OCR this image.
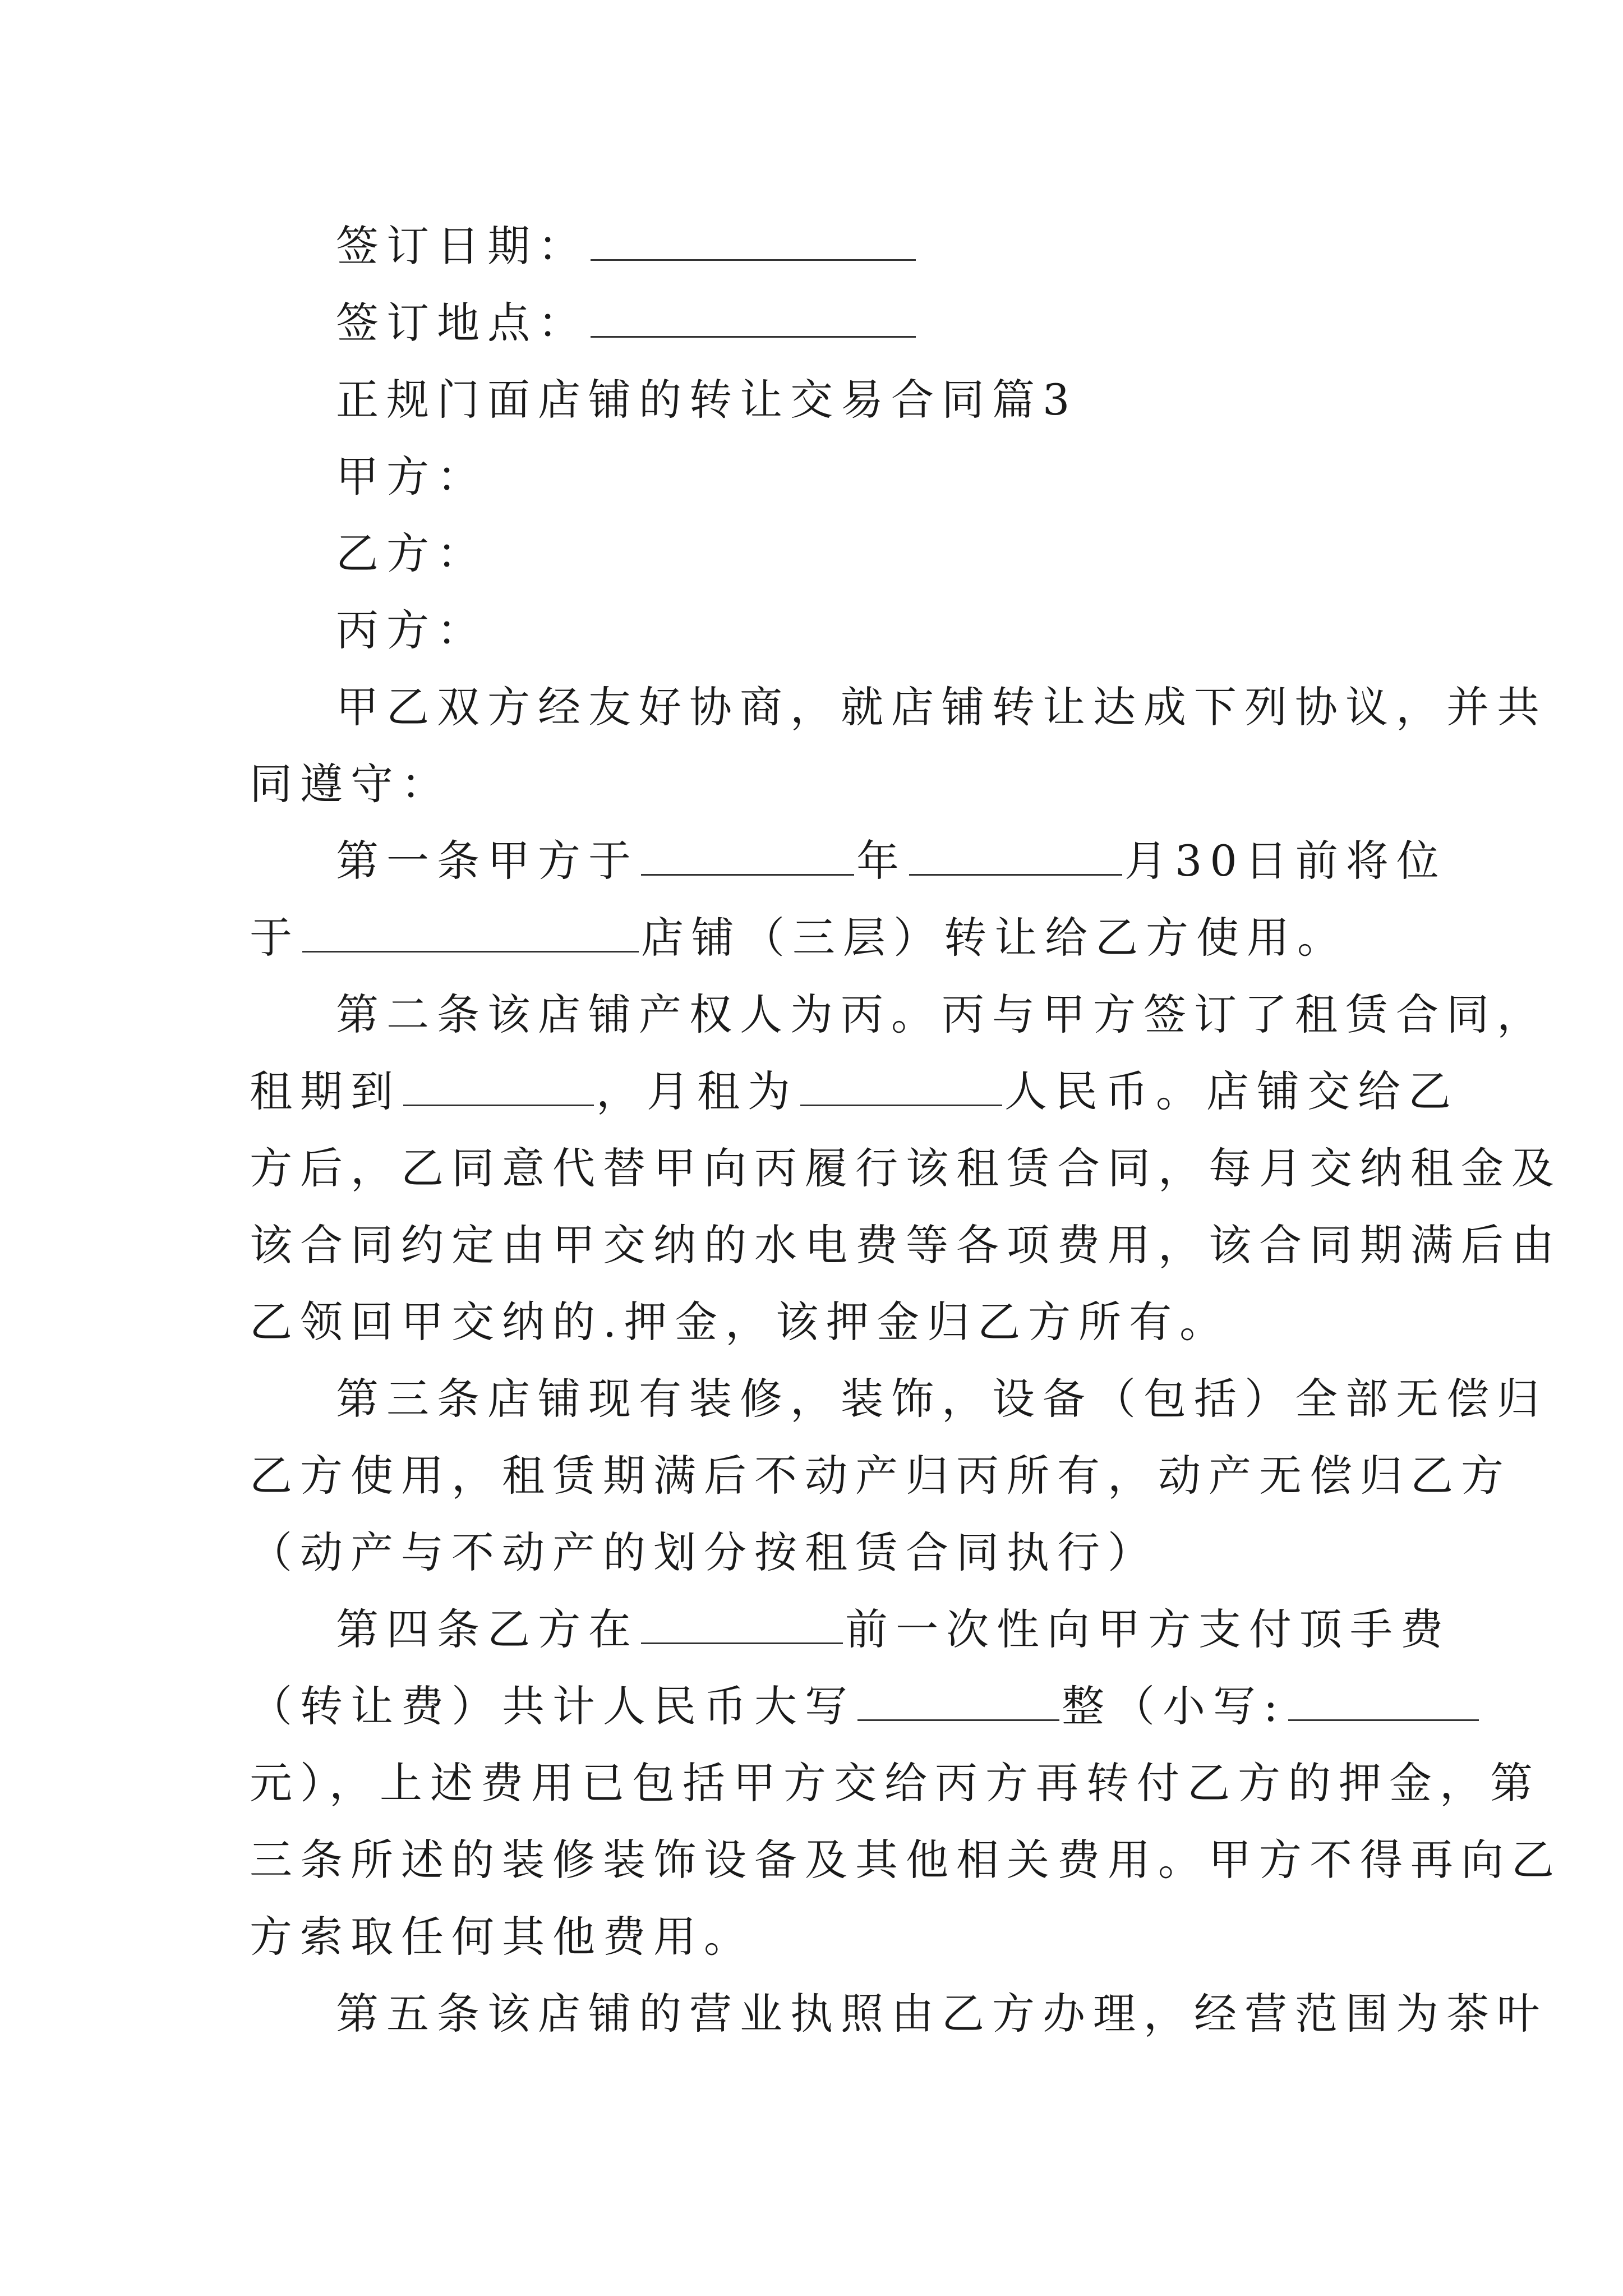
签订日期：
签订地点：
正规门面店铺的转让交易合同篇3
甲方：
乙方：
丙方：
甲乙双方经友好协商，就店铺转让达成下列协议，并共
同遵守：
第一条甲方于	年	月30日前将位
于	店铺（三层）转让给乙方使用。
第二条该店铺产权人为丙。丙与甲方签订了租赁合同，
租期到	，月租为	人民币。店铺交给乙
方后，乙同意代替甲向丙履行该租赁合同，每月交纳租金及
该合同约定由甲交纳的水电费等各项费用，该合同期满后由
乙领回甲交纳的.押金，该押金归乙方所有。
第三条店铺现有装修，装饰，设备（包括）全部无偿归
乙方使用，租赁期满后不动产归丙所有，动产无偿归乙方
（动产与不动产的划分按租赁合同执行）
第四条乙方在	前一次性向甲方支付顶手费
（转让费）共计人民币大写	整（小写:
元），上述费用已包括甲方交给丙方再转付乙方的押金，第
三条所述的装修装饰设备及其他相关费用。甲方不得再向乙
方索取任何其他费用。
第五条该店铺的营业执照由乙方办理，经营范围为茶叶
